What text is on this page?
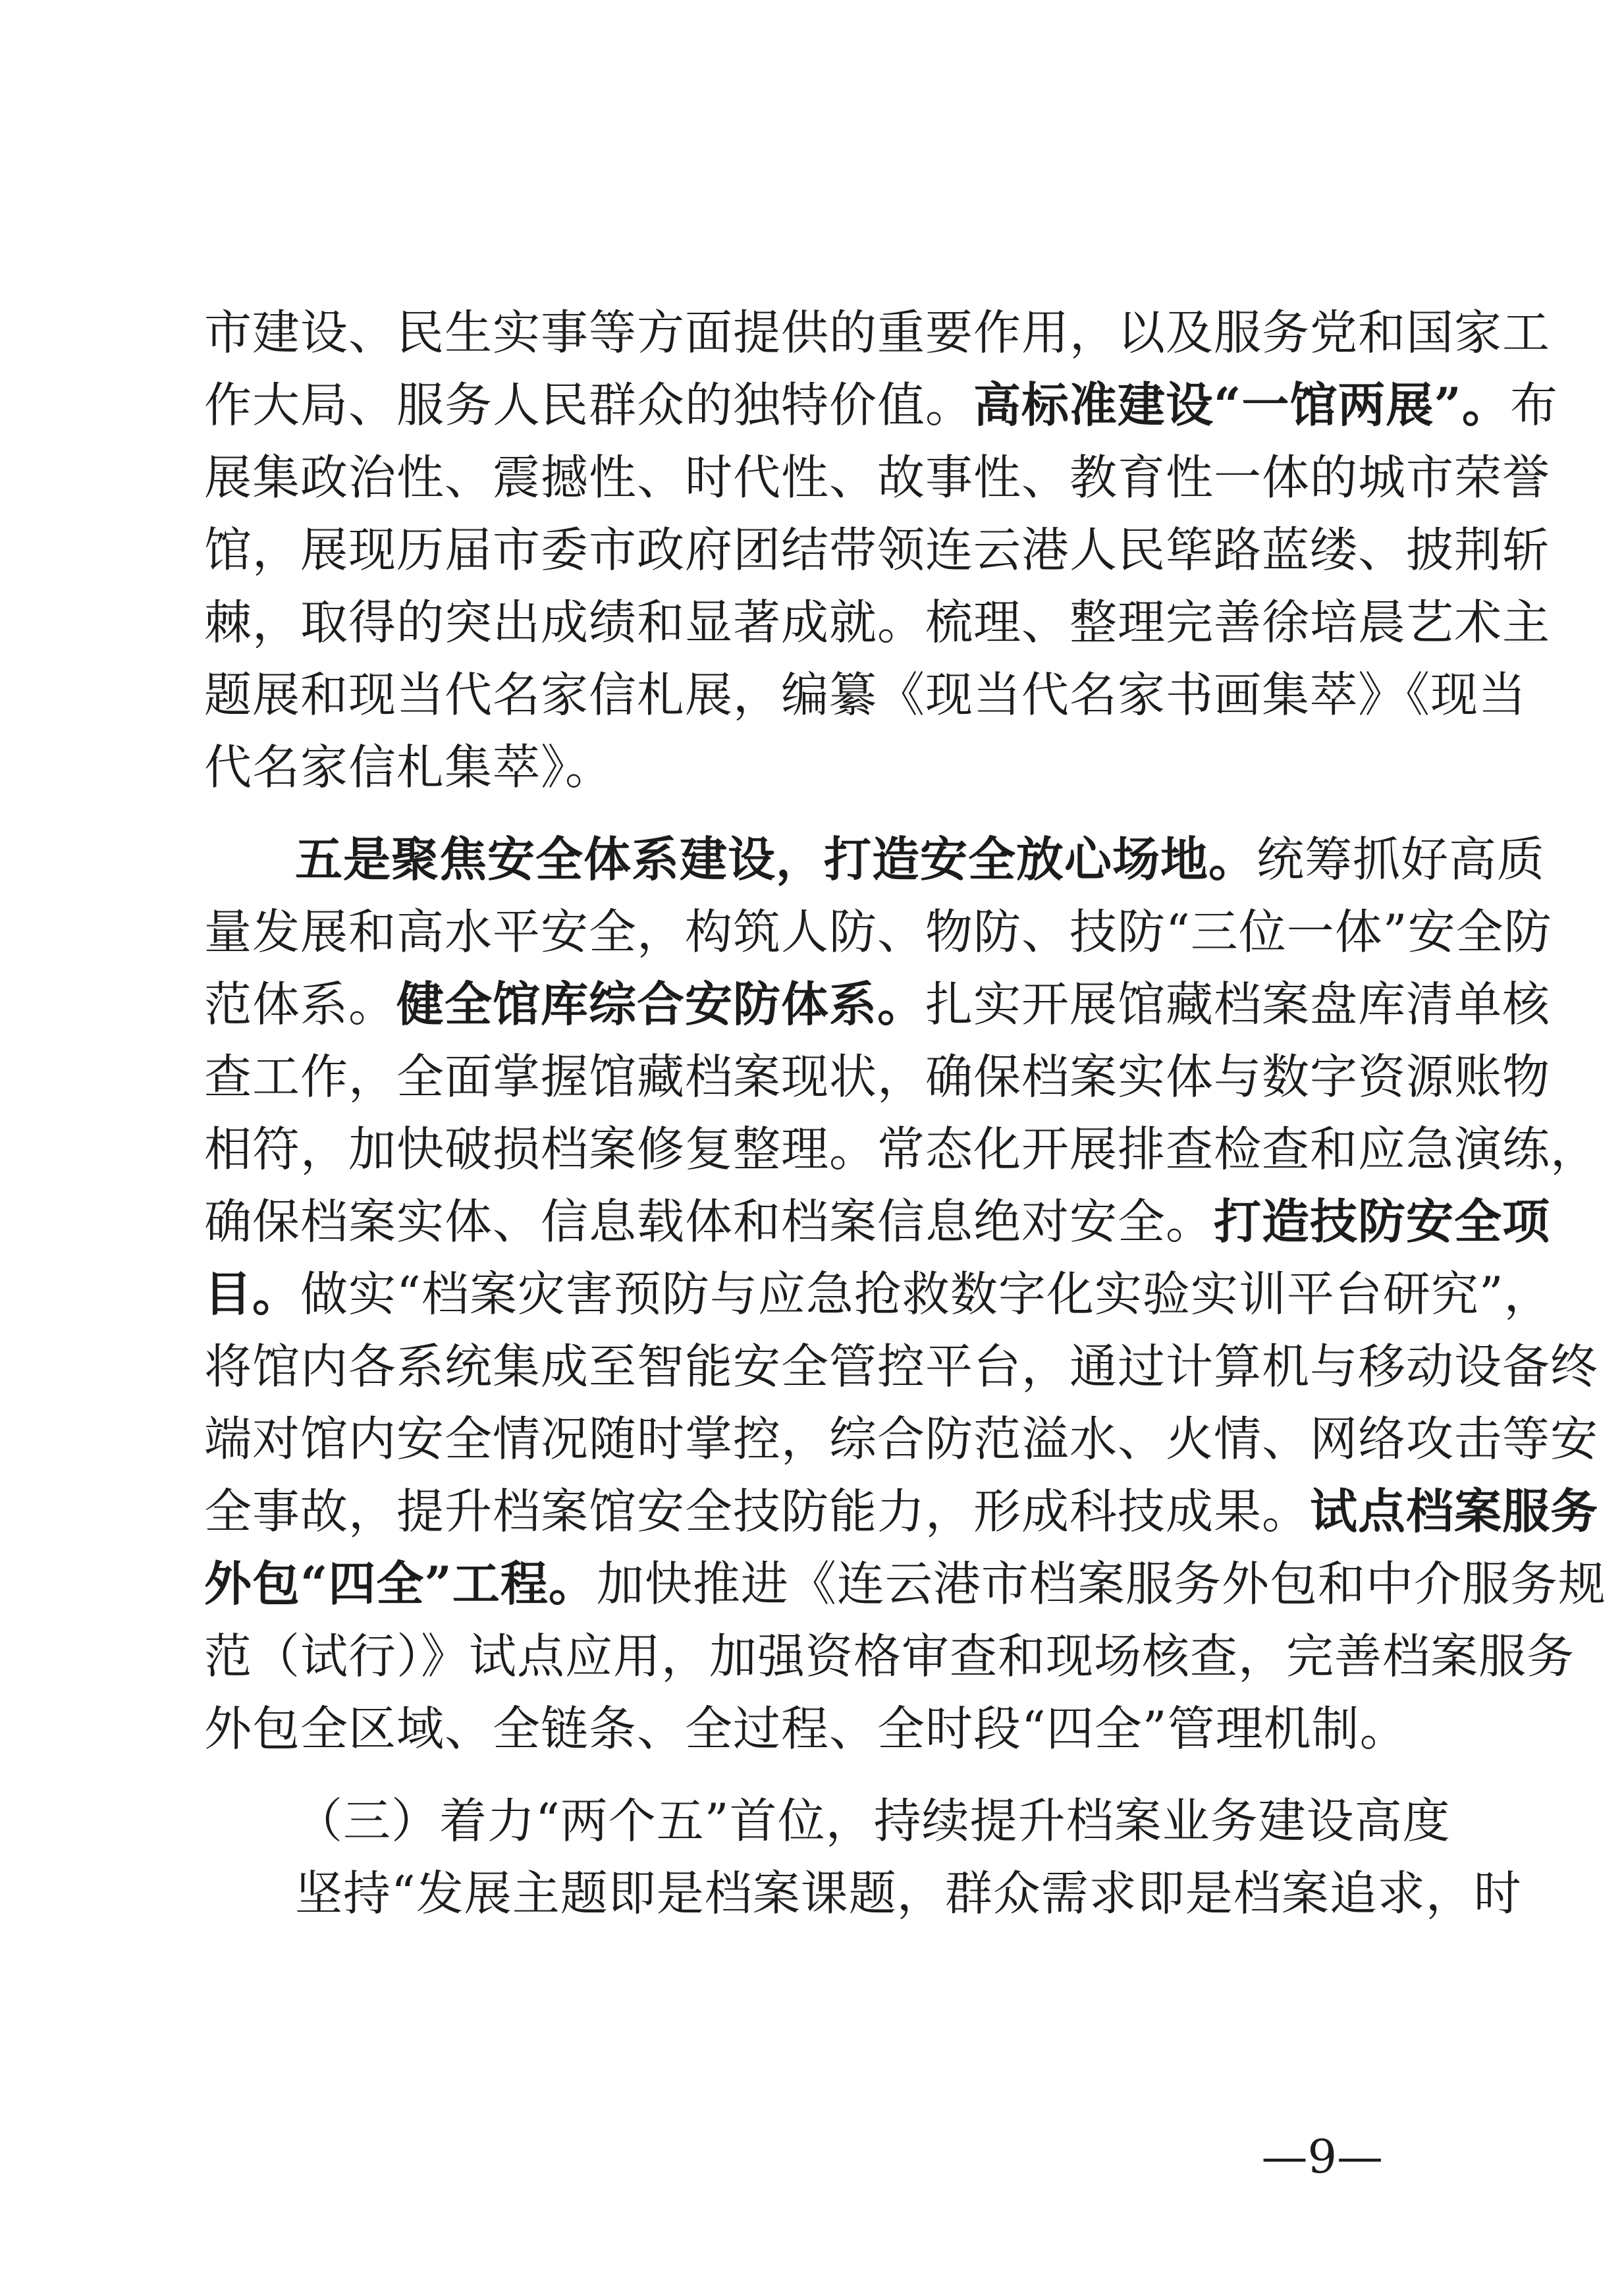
市建设、民生实事等方面提供的重要作用，以及服务党和国家工
作大局、服务人民群众的独特价值。高标准建设“一馆两展”。布
展集政治性、震撼性、时代性、故事性、教育性一体的城市荣誉
馆，展现历届市委市政府团结带领连云港人民筚路蓝缕、披荆斩
棘，取得的突出成绩和显著成就。梳理、整理完善徐培晨艺术主
题展和现当代名家信札展，编纂《现当代名家书画集萃》《现当
代名家信札集萃》。
五是聚焦安全体系建设，打造安全放心场地。统筹抓好高质
量发展和高水平安全，构筑人防、物防、技防“三位一体”安全防
范体系。健全馆库综合安防体系。扎实开展馆藏档案盘库清单核
查工作，全面掌握馆藏档案现状，确保档案实体与数字资源账物
相符，加快破损档案修复整理。常态化开展排查检查和应急演练，
确保档案实体、信息载体和档案信息绝对安全。打造技防安全项
目。做实“档案灾害预防与应急抢救数字化实验实训平台研究”，
将馆内各系统集成至智能安全管控平台，通过计算机与移动设备终
端对馆内安全情况随时掌控，综合防范溢水、火情、网络攻击等安
全事故，提升档案馆安全技防能力，形成科技成果。试点档案服务
外包“四全”工程。加快推进《连云港市档案服务外包和中介服务规
范（试行）》试点应用，加强资格审查和现场核查，完善档案服务
外包全区域、全链条、全过程、全时段“四全”管理机制。
（三）着力“两个五”首位，持续提升档案业务建设高度
坚持“发展主题即是档案课题，群众需求即是档案追求，时
—9—
